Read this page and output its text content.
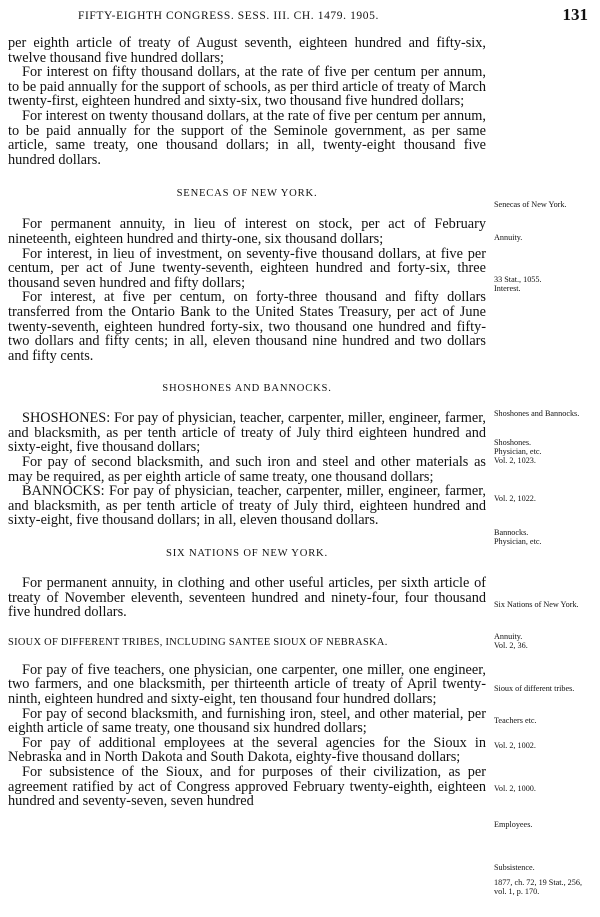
FIFTY-EIGHTH CONGRESS. SESS. III. CH. 1479. 1905.	131

per eighth article of treaty of August seventh, eighteen hundred and fifty-six, twelve thousand five hundred dollars;

For interest on fifty thousand dollars, at the rate of five per centum per annum, to be paid annually for the support of schools, as per third article of treaty of March twenty-first, eighteen hundred and sixty-six, two thousand five hundred dollars;

For interest on twenty thousand dollars, at the rate of five per centum per annum, to be paid annually for the support of the Seminole government, as per same article, same treaty, one thousand dollars; in all, twenty-eight thousand five hundred dollars.

SENECAS OF NEW YORK.

For permanent annuity, in lieu of interest on stock, per act of February nineteenth, eighteen hundred and thirty-one, six thousand dollars;

For interest, in lieu of investment, on seventy-five thousand dollars, at five per centum, per act of June twenty-seventh, eighteen hundred and forty-six, three thousand seven hundred and fifty dollars;

For interest, at five per centum, on forty-three thousand and fifty dollars transferred from the Ontario Bank to the United States Treasury, per act of June twenty-seventh, eighteen hundred forty-six, two thousand one hundred and fifty-two dollars and fifty cents; in all, eleven thousand nine hundred and two dollars and fifty cents.

SHOSHONES AND BANNOCKS.

SHOSHONES: For pay of physician, teacher, carpenter, miller, engineer, farmer, and blacksmith, as per tenth article of treaty of July third eighteen hundred and sixty-eight, five thousand dollars;

For pay of second blacksmith, and such iron and steel and other materials as may be required, as per eighth article of same treaty, one thousand dollars;

BANNOCKS: For pay of physician, teacher, carpenter, miller, engineer, farmer, and blacksmith, as per tenth article of treaty of July third, eighteen hundred and sixty-eight, five thousand dollars; in all, eleven thousand dollars.

SIX NATIONS OF NEW YORK.

For permanent annuity, in clothing and other useful articles, per sixth article of treaty of November eleventh, seventeen hundred and ninety-four, four thousand five hundred dollars.

SIOUX OF DIFFERENT TRIBES, INCLUDING SANTEE SIOUX OF NEBRASKA.

For pay of five teachers, one physician, one carpenter, one miller, one engineer, two farmers, and one blacksmith, per thirteenth article of treaty of April twenty-ninth, eighteen hundred and sixty-eight, ten thousand four hundred dollars;

For pay of second blacksmith, and furnishing iron, steel, and other material, per eighth article of same treaty, one thousand six hundred dollars;

For pay of additional employees at the several agencies for the Sioux in Nebraska and in North Dakota and South Dakota, eighty-five thousand dollars;

For subsistence of the Sioux, and for purposes of their civilization, as per agreement ratified by act of Congress approved February twenty-eighth, eighteen hundred and seventy-seven, seven hundred

Senecas of New York.
Annuity.
33 Stat., 1055.
Interest.
Shoshones and Bannocks.
Shoshones.
Physician, etc.
Vol. 2, 1023.
Vol. 2, 1022.
Bannocks.
Physician, etc.
Six Nations of New York.
Annuity.
Vol. 2, 36.
Sioux of different tribes.
Teachers etc.
Vol. 2, 1002.
Vol. 2, 1000.
Employees.
Subsistence.
1877, ch. 72, 19 Stat., 256, vol. 1, p. 170.
